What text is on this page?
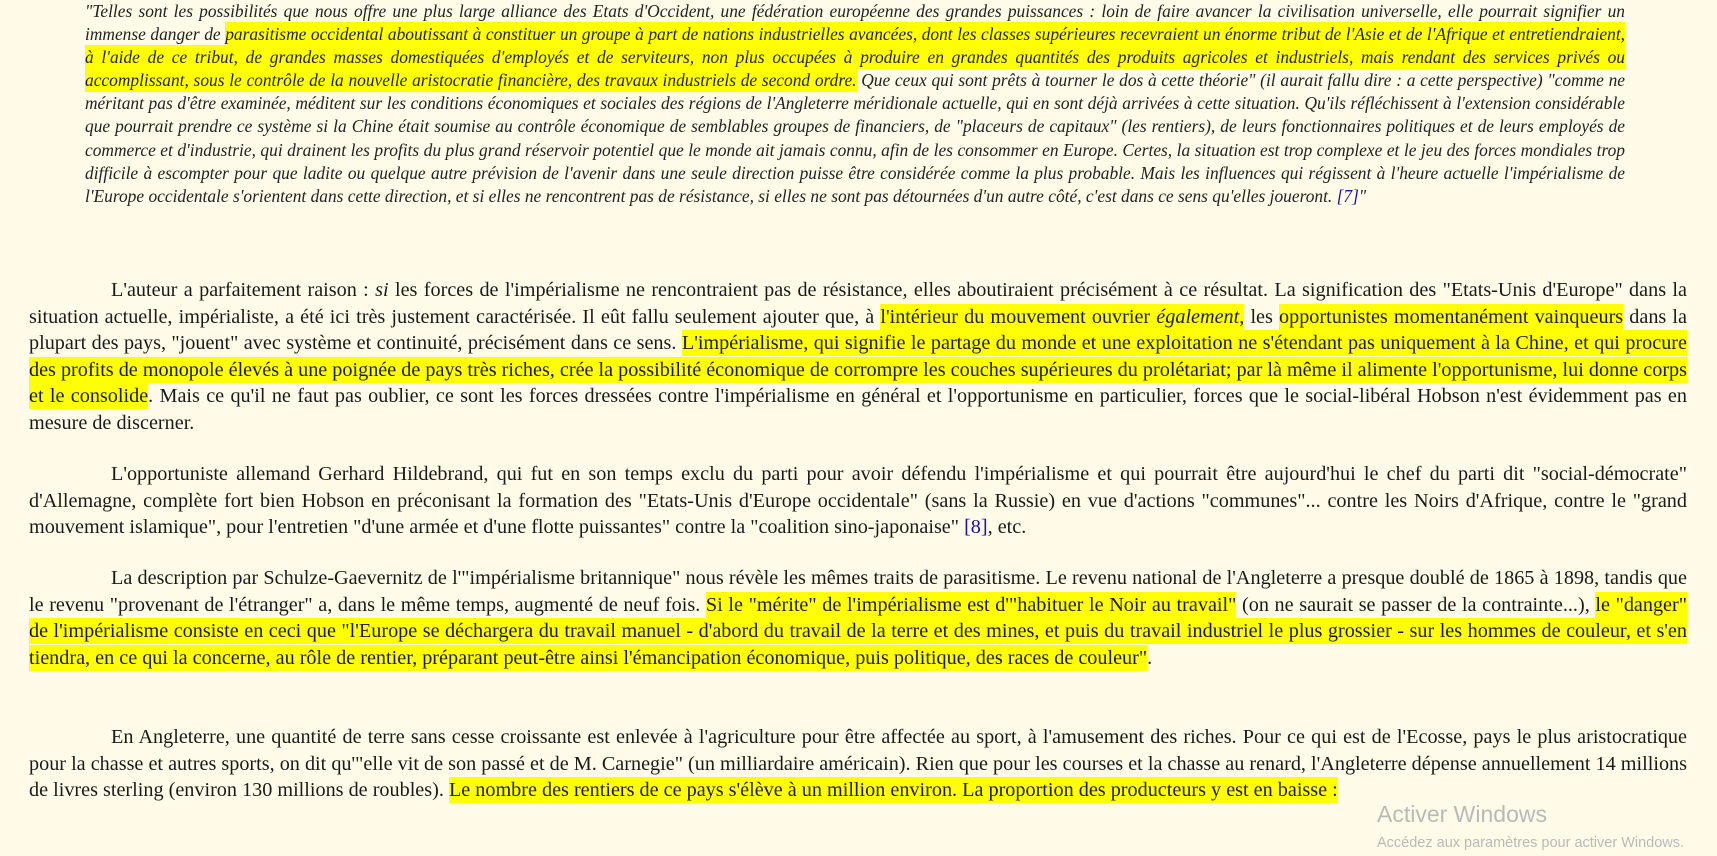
"Telles sont les possibilités que nous offre une plus large alliance des Etats d'Occident, une fédération européenne des grandes puissances : loin de faire avancer la civilisation universelle, elle pourrait signifier un immense danger de parasitisme occidental aboutissant à constituer un groupe à part de nations industrielles avancées, dont les classes supérieures recevraient un énorme tribut de l'Asie et de l'Afrique et entretiendraient, à l'aide de ce tribut, de grandes masses domestiquées d'employés et de serviteurs, non plus occupées à produire en grandes quantités des produits agricoles et industriels, mais rendant des services privés ou accomplissant, sous le contrôle de la nouvelle aristocratie financière, des travaux industriels de second ordre. Que ceux qui sont prêts à tourner le dos à cette théorie" (il aurait fallu dire : a cette perspective) "comme ne méritant pas d'être examinée, méditent sur les conditions économiques et sociales des régions de l'Angleterre méridionale actuelle, qui en sont déjà arrivées à cette situation. Qu'ils réfléchissent à l'extension considérable que pourrait prendre ce système si la Chine était soumise au contrôle économique de semblables groupes de financiers, de "placeurs de capitaux" (les rentiers), de leurs fonctionnaires politiques et de leurs employés de commerce et d'industrie, qui drainent les profits du plus grand réservoir potentiel que le monde ait jamais connu, afin de les consommer en Europe. Certes, la situation est trop complexe et le jeu des forces mondiales trop difficile à escompter pour que ladite ou quelque autre prévision de l'avenir dans une seule direction puisse être considérée comme la plus probable. Mais les influences qui régissent à l'heure actuelle l'impérialisme de l'Europe occidentale s'orientent dans cette direction, et si elles ne rencontrent pas de résistance, si elles ne sont pas détournées d'un autre côté, c'est dans ce sens qu'elles joueront. [7]"
L'auteur a parfaitement raison : si les forces de l'impérialisme ne rencontraient pas de résistance, elles aboutiraient précisément à ce résultat. La signification des "Etats-Unis d'Europe" dans la situation actuelle, impérialiste, a été ici très justement caractérisée. Il eût fallu seulement ajouter que, à l'intérieur du mouvement ouvrier également, les opportunistes momentanément vainqueurs dans la plupart des pays, "jouent" avec système et continuité, précisément dans ce sens. L'impérialisme, qui signifie le partage du monde et une exploitation ne s'étendant pas uniquement à la Chine, et qui procure des profits de monopole élevés à une poignée de pays très riches, crée la possibilité économique de corrompre les couches supérieures du prolétariat; par là même il alimente l'opportunisme, lui donne corps et le consolide. Mais ce qu'il ne faut pas oublier, ce sont les forces dressées contre l'impérialisme en général et l'opportunisme en particulier, forces que le social-libéral Hobson n'est évidemment pas en mesure de discerner.
L'opportuniste allemand Gerhard Hildebrand, qui fut en son temps exclu du parti pour avoir défendu l'impérialisme et qui pourrait être aujourd'hui le chef du parti dit "social-démocrate" d'Allemagne, complète fort bien Hobson en préconisant la formation des "Etats-Unis d'Europe occidentale" (sans la Russie) en vue d'actions "communes"... contre les Noirs d'Afrique, contre le "grand mouvement islamique", pour l'entretien "d'une armée et d'une flotte puissantes" contre la "coalition sino-japonaise" [8], etc.
La description par Schulze-Gaevernitz de l'"impérialisme britannique" nous révèle les mêmes traits de parasitisme. Le revenu national de l'Angleterre a presque doublé de 1865 à 1898, tandis que le revenu "provenant de l'étranger" a, dans le même temps, augmenté de neuf fois. Si le "mérite" de l'impérialisme est d'"habituer le Noir au travail" (on ne saurait se passer de la contrainte...), le "danger" de l'impérialisme consiste en ceci que "l'Europe se déchargera du travail manuel - d'abord du travail de la terre et des mines, et puis du travail industriel le plus grossier - sur les hommes de couleur, et s'en tiendra, en ce qui la concerne, au rôle de rentier, préparant peut-être ainsi l'émancipation économique, puis politique, des races de couleur".
En Angleterre, une quantité de terre sans cesse croissante est enlevée à l'agriculture pour être affectée au sport, à l'amusement des riches. Pour ce qui est de l'Ecosse, pays le plus aristocratique pour la chasse et autres sports, on dit qu'"elle vit de son passé et de M. Carnegie" (un milliardaire américain). Rien que pour les courses et la chasse au renard, l'Angleterre dépense annuellement 14 millions de livres sterling (environ 130 millions de roubles). Le nombre des rentiers de ce pays s'élève à un million environ. La proportion des producteurs y est en baisse :
Activer Windows
Accédez aux paramètres pour activer Windows.
